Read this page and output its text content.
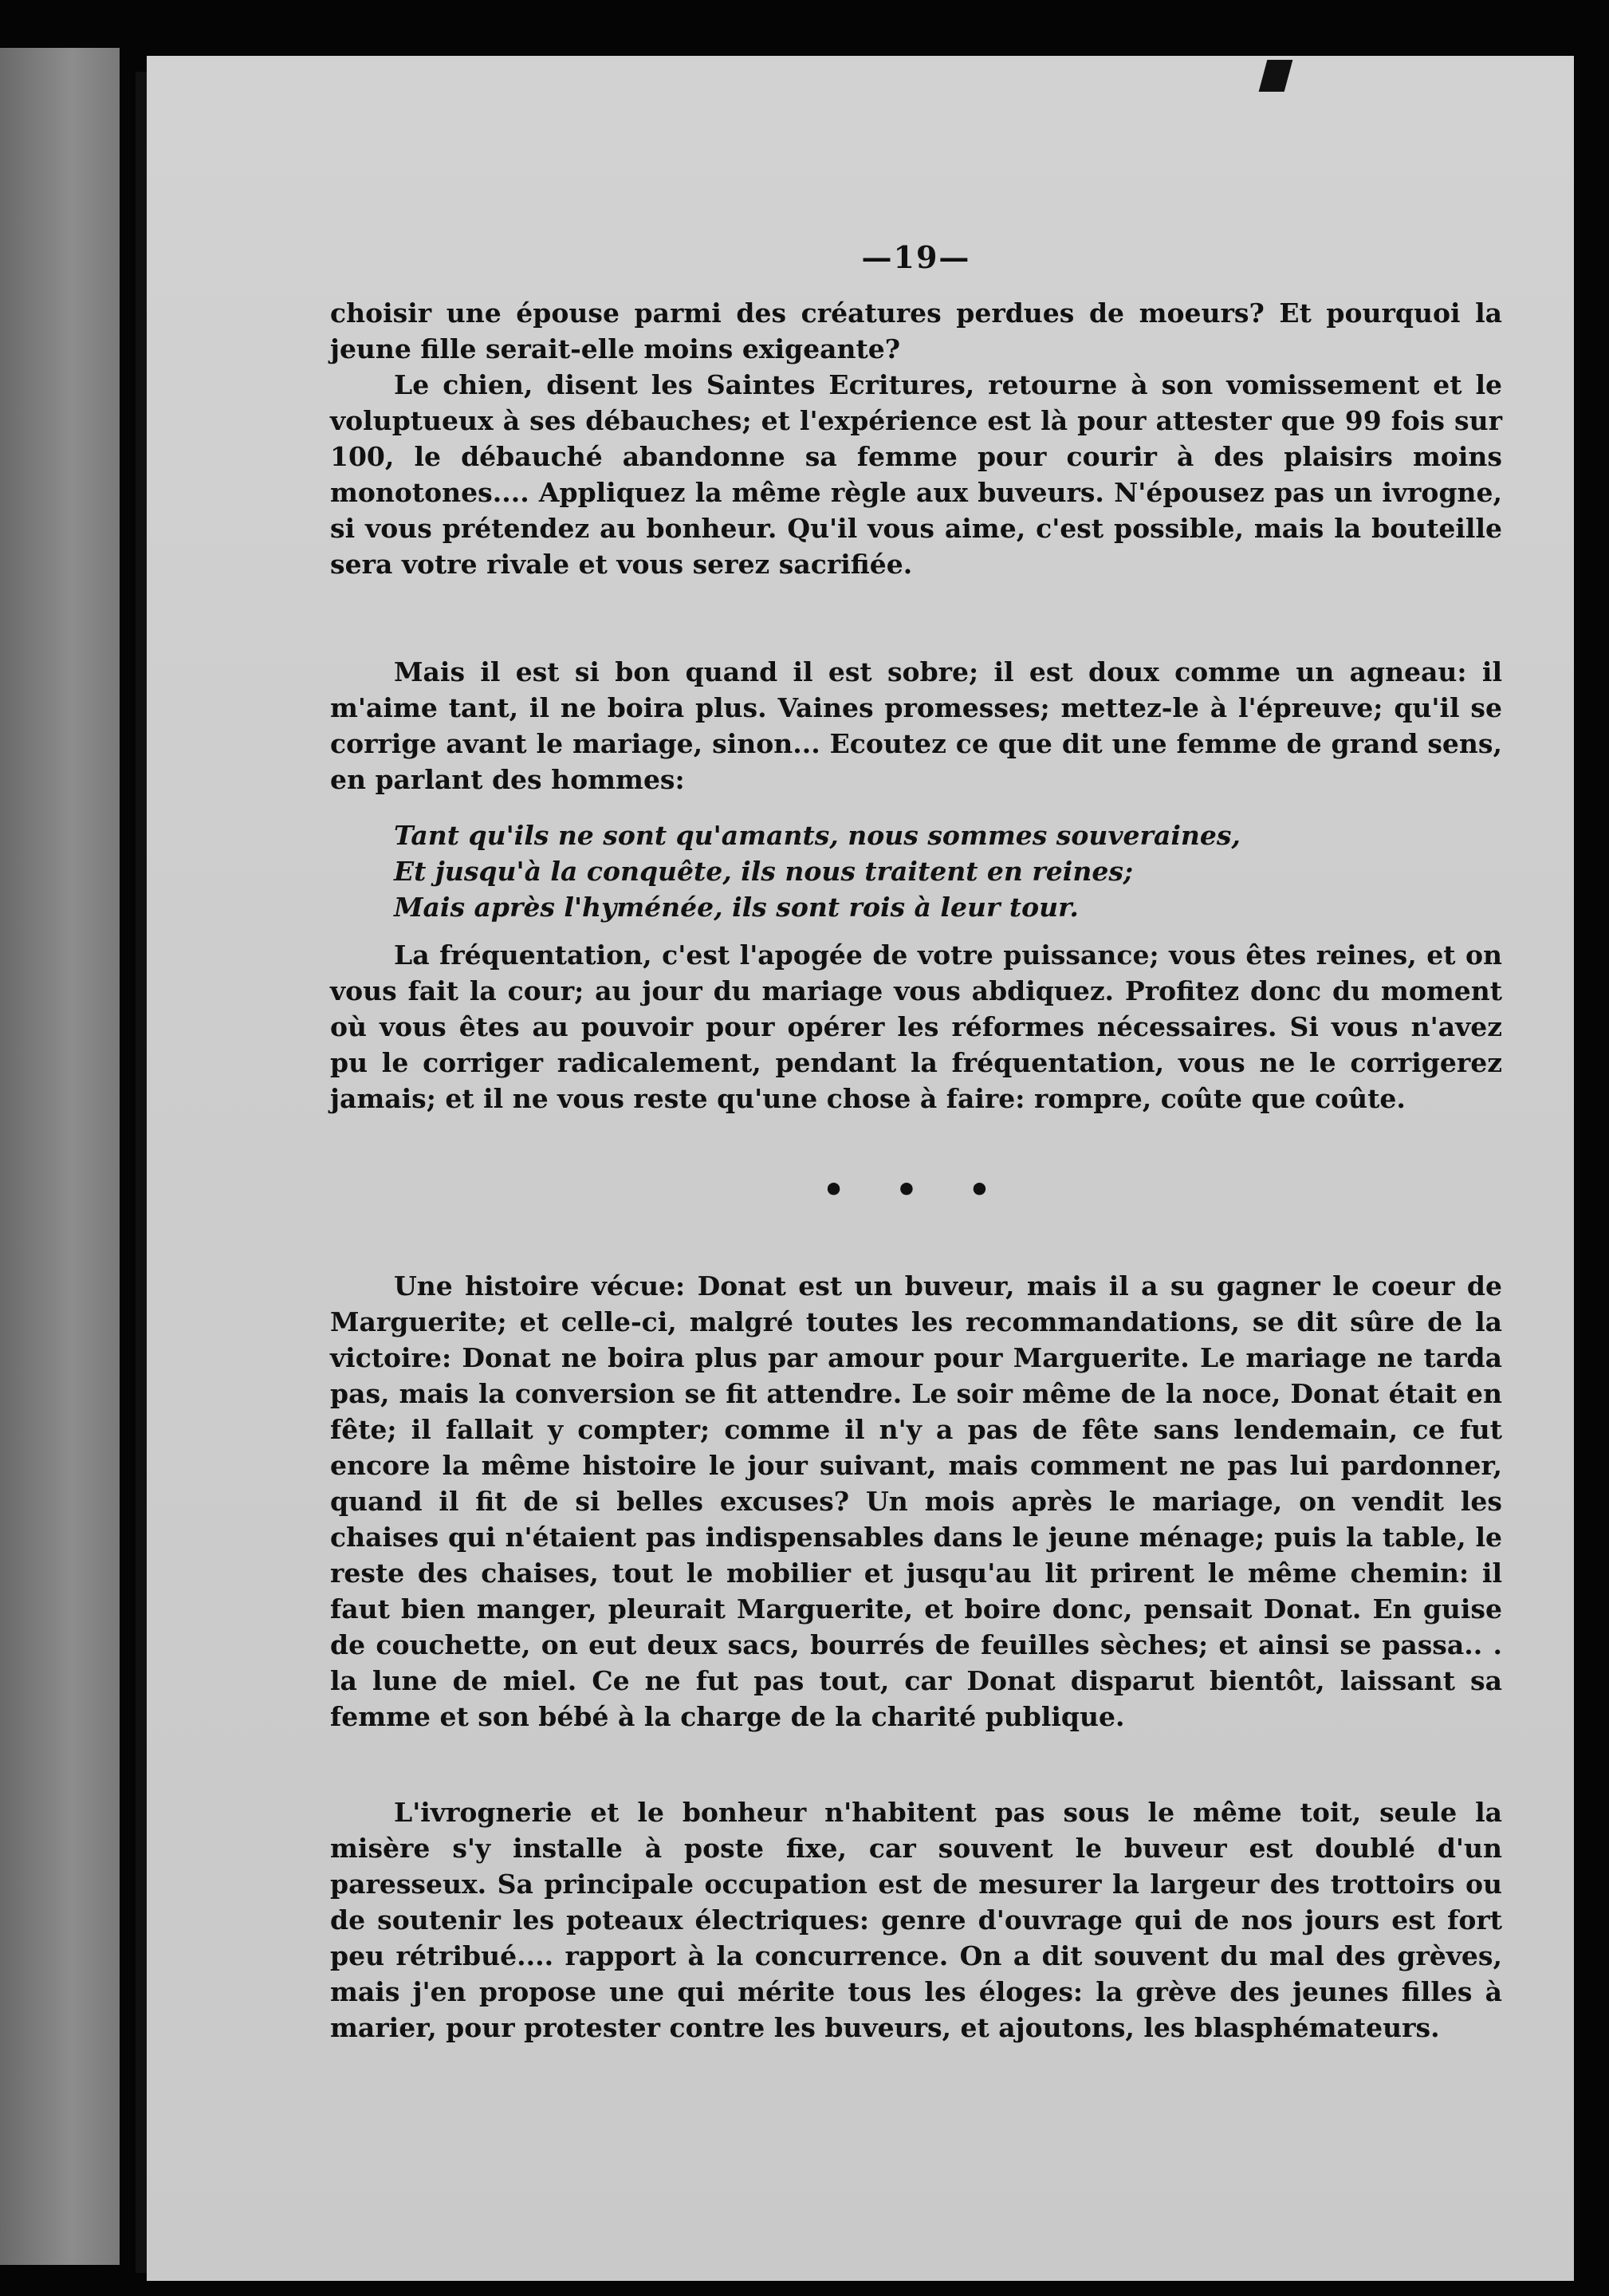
—19—

choisir une épouse parmi des créatures perdues de moeurs? Et pourquoi la jeune fille serait-elle moins exigeante?

Le chien, disent les Saintes Ecritures, retourne à son vomissement et le voluptueux à ses débauches; et l'expérience est là pour attester que 99 fois sur 100, le débauché abandonne sa femme pour courir à des plaisirs moins monotones.... Appliquez la même règle aux buveurs. N'épousez pas un ivrogne, si vous prétendez au bonheur. Qu'il vous aime, c'est possible, mais la bouteille sera votre rivale et vous serez sacrifiée.

Mais il est si bon quand il est sobre; il est doux comme un agneau: il m'aime tant, il ne boira plus. Vaines promesses; mettez-le à l'épreuve; qu'il se corrige avant le mariage, sinon... Ecoutez ce que dit une femme de grand sens, en parlant des hommes:

Tant qu'ils ne sont qu'amants, nous sommes souveraines,
Et jusqu'à la conquête, ils nous traitent en reines;
Mais après l'hyménée, ils sont rois à leur tour.

La fréquentation, c'est l'apogée de votre puissance; vous êtes reines, et on vous fait la cour; au jour du mariage vous abdiquez. Profitez donc du moment où vous êtes au pouvoir pour opérer les réformes nécessaires. Si vous n'avez pu le corriger radicalement, pendant la fréquentation, vous ne le corrigerez jamais; et il ne vous reste qu'une chose à faire: rompre, coûte que coûte.

• • •

Une histoire vécue: Donat est un buveur, mais il a su gagner le coeur de Marguerite; et celle-ci, malgré toutes les recommandations, se dit sûre de la victoire: Donat ne boira plus par amour pour Marguerite. Le mariage ne tarda pas, mais la conversion se fit attendre. Le soir même de la noce, Donat était en fête; il fallait y compter; comme il n'y a pas de fête sans lendemain, ce fut encore la même histoire le jour suivant, mais comment ne pas lui pardonner, quand il fit de si belles excuses? Un mois après le mariage, on vendit les chaises qui n'étaient pas indispensables dans le jeune ménage; puis la table, le reste des chaises, tout le mobilier et jusqu'au lit prirent le même chemin: il faut bien manger, pleurait Marguerite, et boire donc, pensait Donat. En guise de couchette, on eut deux sacs, bourrés de feuilles sèches; et ainsi se passa.. . la lune de miel. Ce ne fut pas tout, car Donat disparut bientôt, laissant sa femme et son bébé à la charge de la charité publique.

L'ivrognerie et le bonheur n'habitent pas sous le même toit, seule la misère s'y installe à poste fixe, car souvent le buveur est doublé d'un paresseux. Sa principale occupation est de mesurer la largeur des trottoirs ou de soutenir les poteaux électriques: genre d'ouvrage qui de nos jours est fort peu rétribué.... rapport à la concurrence. On a dit souvent du mal des grèves, mais j'en propose une qui mérite tous les éloges: la grève des jeunes filles à marier, pour protester contre les buveurs, et ajoutons, les blasphémateurs.
